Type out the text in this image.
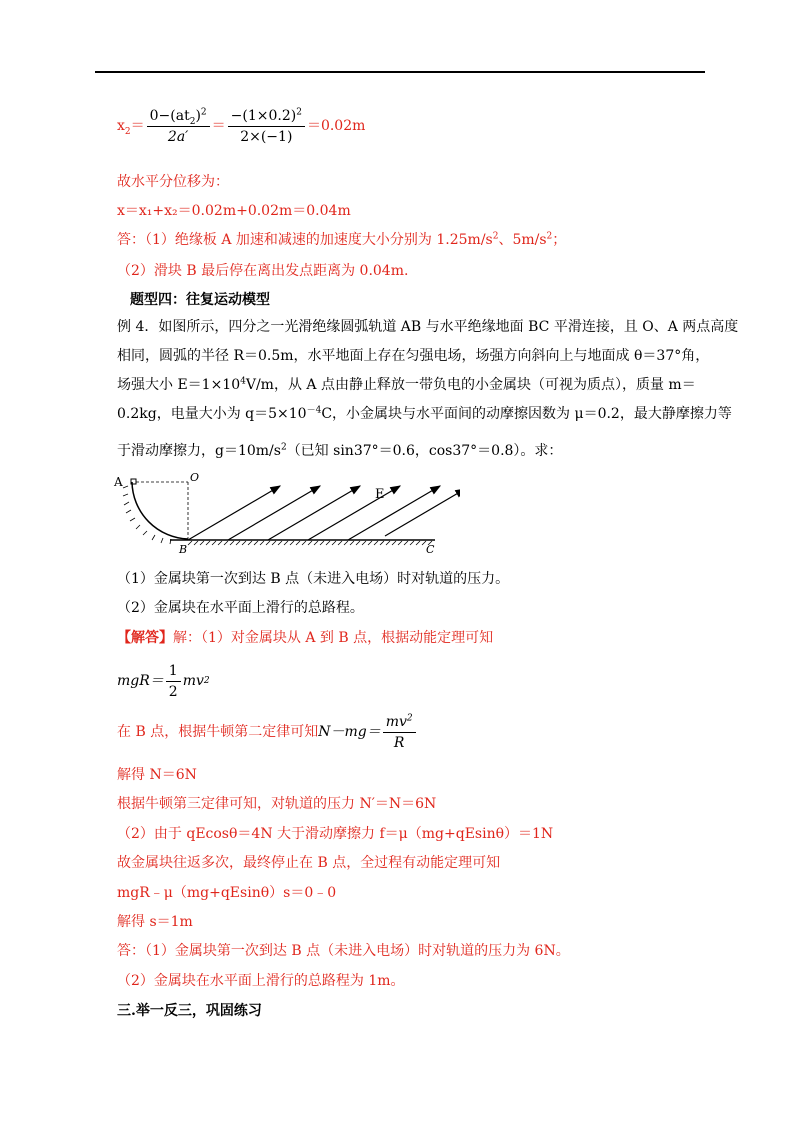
$x_2= \frac{0-(at_2)^2}{2a'} = \frac{-(1\times 0.2)^2}{2\times(-1)} = 0.02m$
故水平分位移为：
x＝x₁+x₂＝0.02m+0.02m＝0.04m
答：（1）绝缘板 A 加速和减速的加速度大小分别为 $1.25m/s^2$、$5m/s^2$；
（2）滑块 B 最后停在离出发点距离为 0.04m.
题型四：往复运动模型
例 4．如图所示，四分之一光滑绝缘圆弧轨道 AB 与水平绝缘地面 BC 平滑连接，且 O、A 两点高度
相同，圆弧的半径 R＝0.5m，水平地面上存在匀强电场，场强方向斜向上与地面成 θ＝37°角，
场强大小 $E=1\times 10^4V/m$，从 A 点由静止释放一带负电的小金属块（可视为质点），质量 m＝
0.2kg，电量大小为 $q=5\times 10^{-4}C$，小金属块与水平面间的动摩擦因数为 μ＝0.2，最大静摩擦力等
于滑动摩擦力，$g=10m/s^2$（已知 sin37°＝0.6，cos37°＝0.8）。求：
A	O
B	C
E
（1）金属块第一次到达 B 点（未进入电场）时对轨道的压力。
（2）金属块在水平面上滑行的总路程。
【解答】解：（1）对金属块从 A 到 B 点，根据动能定理可知
$mgR= \frac{1}{2}$ mv 2
在 B 点，根据牛顿第二定律可知 $N-mg= \frac{mv^2}{R}$
解得 N＝6N
根据牛顿第三定律可知，对轨道的压力 N′＝N＝6N
（2）由于 qEcosθ＝4N 大于滑动摩擦力 f＝μ（mg+qEsinθ）＝1N
故金属块往返多次，最终停止在 B 点，全过程有动能定理可知
mgR﹣μ（mg+qEsinθ）s＝0﹣0
解得 s＝1m
答：（1）金属块第一次到达 B 点（未进入电场）时对轨道的压力为 6N。
（2）金属块在水平面上滑行的总路程为 1m。
三.举一反三，巩固练习
